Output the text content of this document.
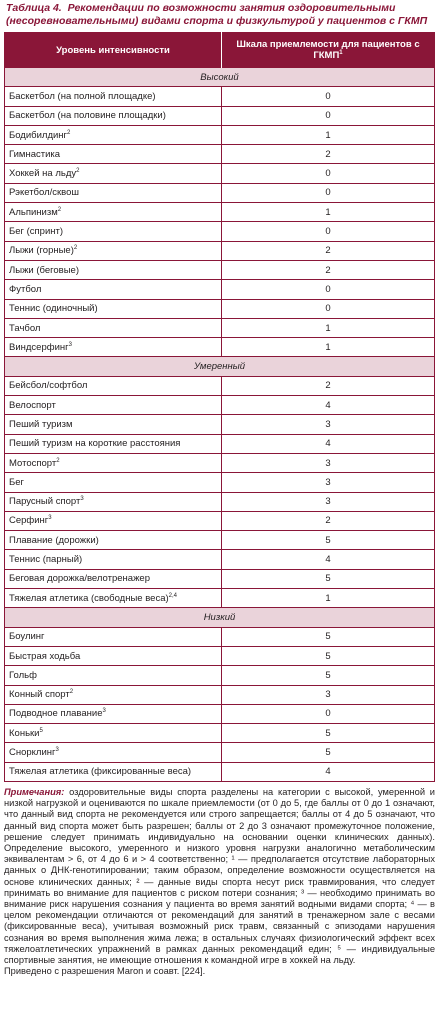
Таблица 4. Рекомендации по возможности занятия оздоровительными (несоревновательными) видами спорта и физкультурой у пациентов с ГКМП
Уровень интенсивности	Шкала приемлемости для пациентов с ГКМП$^1$
Высокий	
Баскетбол (на полной площадке)	0
Баскетбол (на половине площадки)	0
Бодибилдинг$^2$	1
Гимнастика	2
Хоккей на льду$^2$	0
Рэкетбол/сквош	0
Альпинизм$^2$	1
Бег (спринт)	0
Лыжи (горные)$^2$	2
Лыжи (беговые)	2
Футбол	0
Теннис (одиночный)	0
Тачбол	1
Виндсерфинг$^3$	1
Умеренный	
Бейсбол/софтбол	2
Велоспорт	4
Пеший туризм	3
Пеший туризм на короткие расстояния	4
Мотоспорт$^2$	3
Бег	3
Парусный спорт$^3$	3
Серфинг$^3$	2
Плавание (дорожки)	5
Теннис (парный)	4
Беговая дорожка/велотренажер	5
Тяжелая атлетика (свободные веса)$^{2,4}$	1
Низкий	
Боулинг	5
Быстрая ходьба	5
Гольф	5
Конный спорт$^2$	3
Подводное плавание$^3$	0
Коньки$^5$	5
Снорклинг$^3$	5
Тяжелая атлетика (фиксированные веса)	4
Примечания: оздоровительные виды спорта разделены на категории с высокой, умеренной и низкой нагрузкой и оцениваются по шкале приемлемости (от 0 до 5, где баллы от 0 до 1 означают, что данный вид спорта не рекомендуется или строго запрещается; баллы от 4 до 5 означают, что данный вид спорта может быть разрешен; баллы от 2 до 3 означают промежуточное положение, решение следует принимать индивидуально на основании оценки клинических данных). Определение высокого, умеренного и низкого уровня нагрузки аналогично метаболическим эквивалентам > 6, от 4 до 6 и > 4 соответственно; ¹ — предполагается отсутствие лабораторных данных о ДНК-генотипировании; таким образом, определение возможности осуществляется на основе клинических данных; ² — данные виды спорта несут риск травмирования, что следует принимать во внимание для пациентов с риском потери сознания; ³ — необходимо принимать во внимание риск нарушения сознания у пациента во время занятий водными видами спорта; ⁴ — в целом рекомендации отличаются от рекомендаций для занятий в тренажерном зале с весами (фиксированные веса), учитывая возможный риск травм, связанный с эпизодами нарушения сознания во время выполнения жима лежа; в остальных случаях физиологический эффект всех тяжелоатлетических упражнений в рамках данных рекомендаций един; ⁵ — индивидуальные спортивные занятия, не имеющие отношения к командной игре в хоккей на льду.
Приведено с разрешения Maron и соавт. [224].
